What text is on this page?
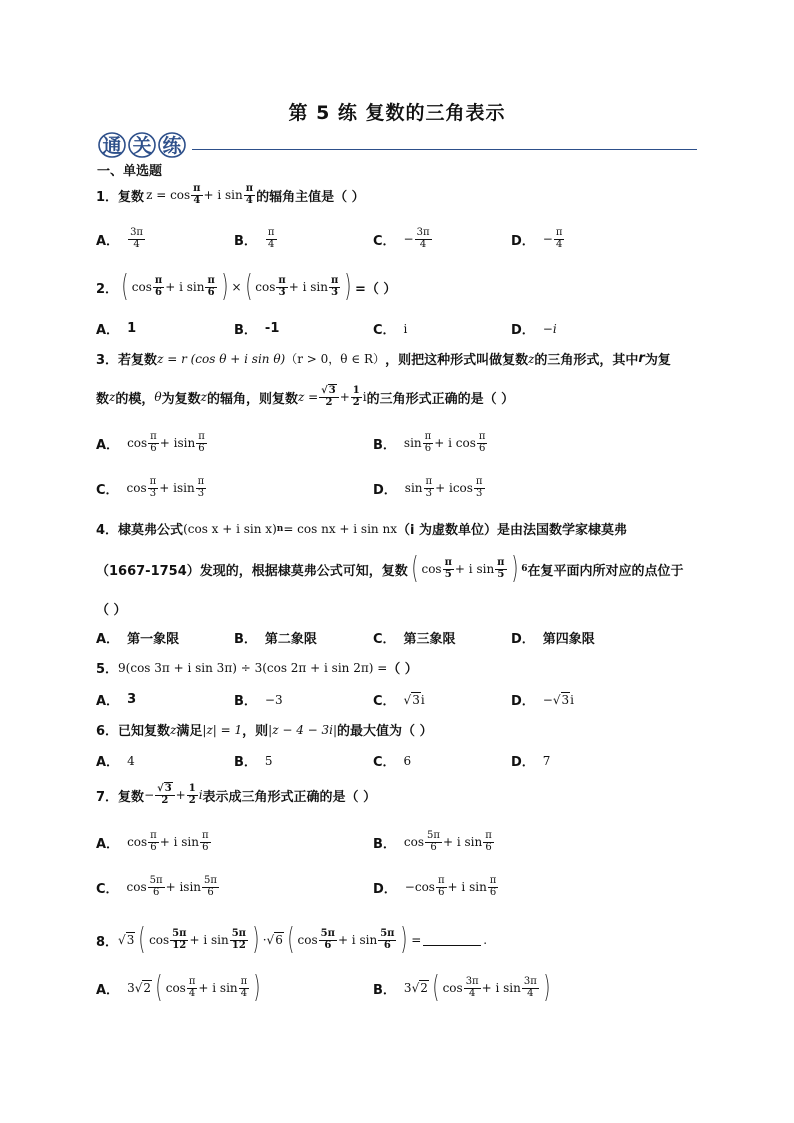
第 5 练 复数的三角表示
通 关 练
一、单选题
1． 复数 $z = \cos \frac{\pi}{4} + i$ $\sin \frac{\pi}{4}$ 的辐角主值是（ ）
A． $\frac{3\pi}{4}$	B． $\frac{\pi}{4}$	C． − $\frac{3\pi}{4}$	D． − $\frac{\pi}{4}$
2． ( $\cos \frac{\pi}{6} + i$ $\sin \frac{\pi}{6}$ ) × ( $\cos \frac{\pi}{3} + i$ $\sin \frac{\pi}{3}$ ) =（ ）
A． 1	B． -1	C． i	D． −i
3． 若复数 z = r (cos θ + i sin θ) （r > 0，θ ∈ R） ，则把这种形式叫做复数 z 的三角形式，其中 r 为复
数 z 的模， θ 为复数 z 的辐角，则复数 $z = \frac{√3}{2} + \frac{1}{2}$ i 的三角形式正确的是（ ）
A． $\cos \frac{\pi}{6} + isin \frac{\pi}{6}$	B． $\sin \frac{\pi}{6} + i$ $\cos \frac{\pi}{6}$
C． $\cos \frac{\pi}{3} + isin \frac{\pi}{3}$	D． $\sin \frac{\pi}{3} + icos \frac{\pi}{3}$
4． 棣莫弗公式 (cos x + i sin x) n = cos nx + i sin nx （i 为虚数单位）是由法国数学家棣莫弗
（1667-1754）发现的，根据棣莫弗公式可知，复数 ( $\cos \frac{\pi}{5} + i$ $\sin \frac{\pi}{5}$ ) 6 在复平面内所对应的点位于
（ ）
A． 第一象限	B． 第二象限	C． 第三象限	D． 第四象限
5． 9(cos 3π + i sin 3π) ÷ 3(cos 2π + i sin 2π) = （ ）
A． 3	B． −3	C． √3 i	D． − √3 i
6． 已知复数 z 满足 |z| = 1 ，则 |z − 4 − 3i| 的最大值为（ ）
A． 4	B． 5	C． 6	D． 7
7． 复数 − $\frac{√3}{2} + \frac{1}{2}$ i 表示成三角形式正确的是（ ）
A． $\cos \frac{\pi}{6} + i$ $\sin \frac{\pi}{6}$	B． $\cos \frac{5\pi}{6} + i$ $\sin \frac{\pi}{6}$
C． $\cos \frac{5\pi}{6} + isin \frac{5\pi}{6}$	D． − $\cos \frac{\pi}{6} + i$ $\sin \frac{\pi}{6}$
8． √3 ( $\cos \frac{5\pi}{12} + i$ $\sin \frac{5\pi}{12}$ ) · √6 ( $\cos \frac{5\pi}{6} + i$ $\sin \frac{5\pi}{6}$ ) =	.
A． 3 √2 ( $\cos \frac{\pi}{4} + i$ $\sin \frac{\pi}{4}$ )	B． 3 √2 ( $\cos \frac{3\pi}{4} + i$ $\sin \frac{3\pi}{4}$ )
